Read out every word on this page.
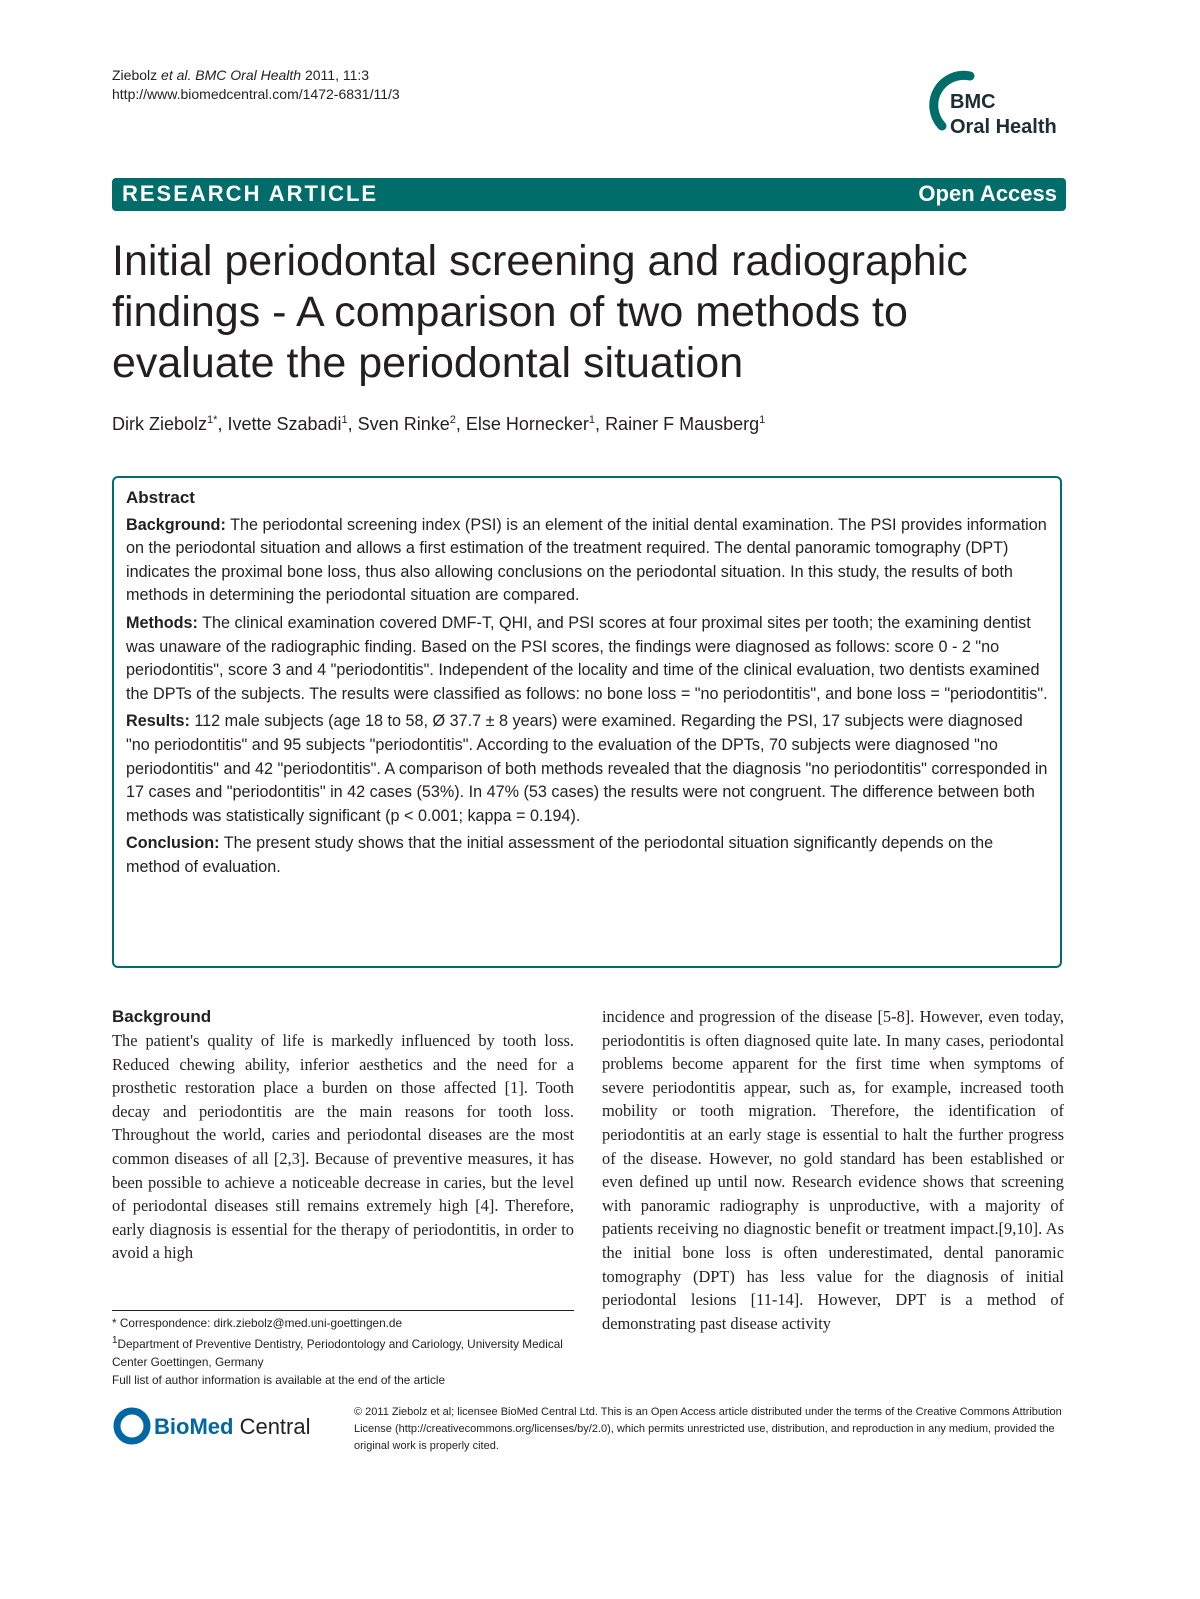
Ziebolz et al. BMC Oral Health 2011, 11:3
http://www.biomedcentral.com/1472-6831/11/3	BMC
Oral Health
RESEARCH ARTICLE	Open Access
Initial periodontal screening and radiographic findings - A comparison of two methods to evaluate the periodontal situation
Dirk Ziebolz$^{1*}$, Ivette Szabadi$^1$, Sven Rinke$^2$, Else Hornecker$^1$, Rainer F Mausberg$^1$
Abstract

Background: The periodontal screening index (PSI) is an element of the initial dental examination. The PSI provides information on the periodontal situation and allows a first estimation of the treatment required. The dental panoramic tomography (DPT) indicates the proximal bone loss, thus also allowing conclusions on the periodontal situation. In this study, the results of both methods in determining the periodontal situation are compared.

Methods: The clinical examination covered DMF-T, QHI, and PSI scores at four proximal sites per tooth; the examining dentist was unaware of the radiographic finding. Based on the PSI scores, the findings were diagnosed as follows: score 0 - 2 "no periodontitis", score 3 and 4 "periodontitis". Independent of the locality and time of the clinical evaluation, two dentists examined the DPTs of the subjects. The results were classified as follows: no bone loss = "no periodontitis", and bone loss = "periodontitis".

Results: 112 male subjects (age 18 to 58, Ø 37.7 ± 8 years) were examined. Regarding the PSI, 17 subjects were diagnosed "no periodontitis" and 95 subjects "periodontitis". According to the evaluation of the DPTs, 70 subjects were diagnosed "no periodontitis" and 42 "periodontitis". A comparison of both methods revealed that the diagnosis "no periodontitis" corresponded in 17 cases and "periodontitis" in 42 cases (53%). In 47% (53 cases) the results were not congruent. The difference between both methods was statistically significant (p < 0.001; kappa = 0.194).

Conclusion: The present study shows that the initial assessment of the periodontal situation significantly depends on the method of evaluation.

Background

The patient's quality of life is markedly influenced by tooth loss. Reduced chewing ability, inferior aesthetics and the need for a prosthetic restoration place a burden on those affected [1]. Tooth decay and periodontitis are the main reasons for tooth loss. Throughout the world, caries and periodontal diseases are the most common diseases of all [2,3]. Because of preventive measures, it has been possible to achieve a noticeable decrease in caries, but the level of periodontal diseases still remains extremely high [4]. Therefore, early diagnosis is essential for the therapy of periodontitis, in order to avoid a high

incidence and progression of the disease [5-8]. However, even today, periodontitis is often diagnosed quite late. In many cases, periodontal problems become apparent for the first time when symptoms of severe periodontitis appear, such as, for example, increased tooth mobility or tooth migration. Therefore, the identification of periodontitis at an early stage is essential to halt the further progress of the disease. However, no gold standard has been established or even defined up until now. Research evidence shows that screening with panoramic radiography is unproductive, with a majority of patients receiving no diagnostic benefit or treatment impact.[9,10]. As the initial bone loss is often underestimated, dental panoramic tomography (DPT) has less value for the diagnosis of initial periodontal lesions [11-14]. However, DPT is a method of demonstrating past disease activity

* Correspondence: dirk.ziebolz@med.uni-goettingen.de
$^1$Department of Preventive Dentistry, Periodontology and Cariology, University Medical Center Goettingen, Germany
Full list of author information is available at the end of the article
BioMed Central
© 2011 Ziebolz et al; licensee BioMed Central Ltd. This is an Open Access article distributed under the terms of the Creative Commons Attribution License (http://creativecommons.org/licenses/by/2.0), which permits unrestricted use, distribution, and reproduction in any medium, provided the original work is properly cited.
